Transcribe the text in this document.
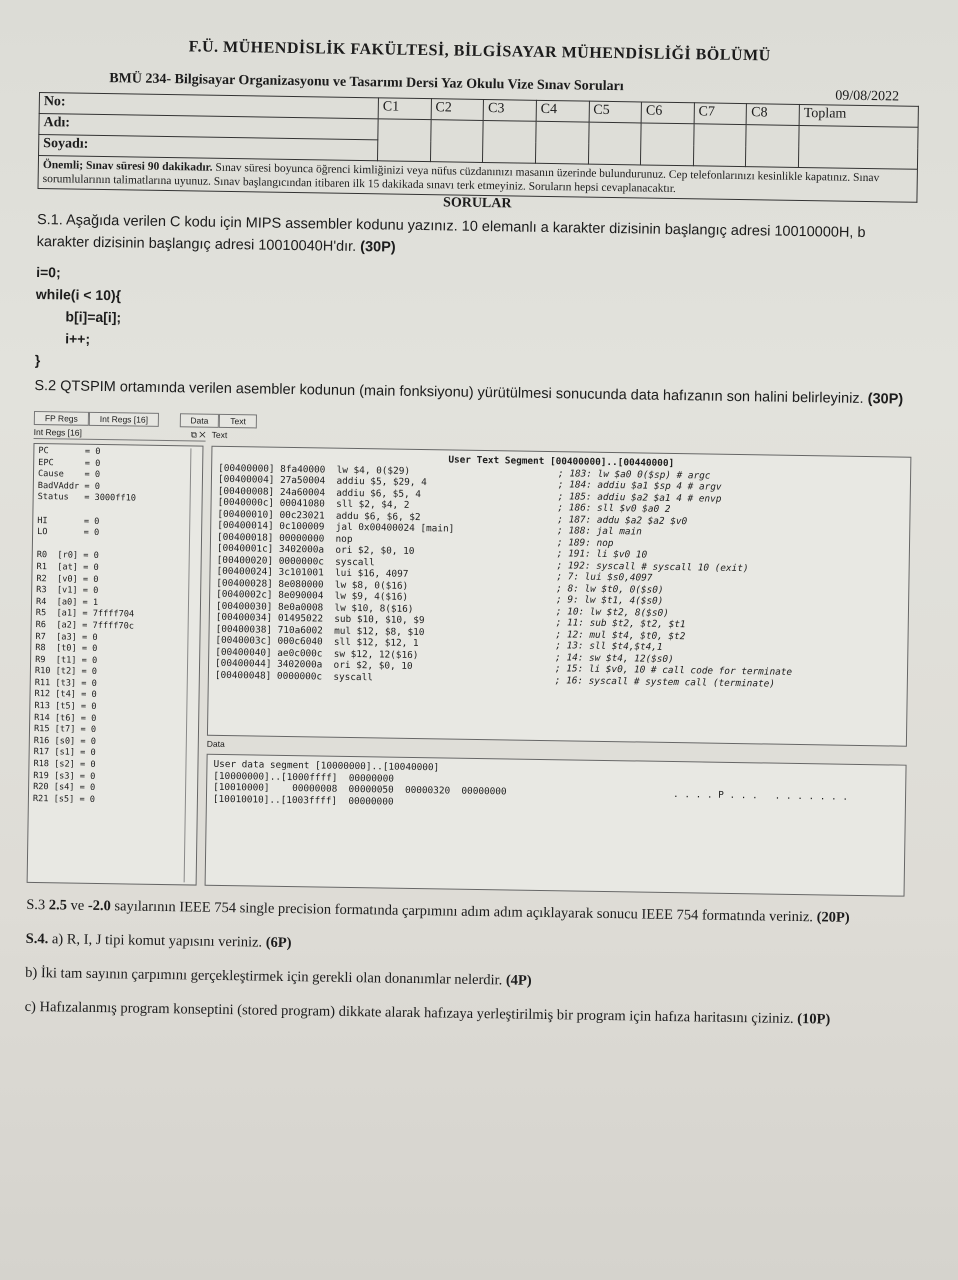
F.Ü. MÜHENDİSLİK FAKÜLTESİ, BİLGİSAYAR MÜHENDİSLİĞİ BÖLÜMÜ
BMÜ 234- Bilgisayar Organizasyonu ve Tasarımı Dersi Yaz Okulu Vize Sınav Soruları
09/08/2022
No:	C1	C2	C3	C4	C5	C6	C7	C8	Toplam
Adı:									
Soyadı:									
Önemli; Sınav süresi 90 dakikadır. Sınav süresi boyunca öğrenci kimliğinizi veya nüfus cüzdanınızı masanın üzerinde bulundurunuz. Cep telefonlarınızı kesinlikle kapatınız. Sınav sorumlularının talimatlarına uyunuz. Sınav başlangıcından itibaren ilk 15 dakikada sınavı terk etmeyiniz. Soruların hepsi cevaplanacaktır.
SORULAR
S.1. Aşağıda verilen C kodu için MIPS assembler kodunu yazınız. 10 elemanlı a karakter dizisinin başlangıç adresi 10010000H, b karakter dizisinin başlangıç adresi 10010040H'dır. (30P)
i=0;
while(i < 10){
b[i]=a[i];
i++;
}
S.2 QTSPIM ortamında verilen asembler kodunun (main fonksiyonu) yürütülmesi sonucunda data hafızanın son halini belirleyiniz. (30P)
FP Regs	Int Regs [16]	Data	Text
Int Regs [16]	⧉ ✕
PC       = 0
EPC      = 0
Cause    = 0
BadVAddr = 0
Status   = 3000ff10
HI       = 0
LO       = 0
R0  [r0] = 0
R1  [at] = 0
R2  [v0] = 0
R3  [v1] = 0
R4  [a0] = 1
R5  [a1] = 7ffff704
R6  [a2] = 7ffff70c
R7  [a3] = 0
R8  [t0] = 0
R9  [t1] = 0
R10 [t2] = 0
R11 [t3] = 0
R12 [t4] = 0
R13 [t5] = 0
R14 [t6] = 0
R15 [t7] = 0
R16 [s0] = 0
R17 [s1] = 0
R18 [s2] = 0
R19 [s3] = 0
R20 [s4] = 0
R21 [s5] = 0
Text
User Text Segment [00400000]..[00440000]
[00400000] 8fa40000  lw $4, 0($29)	; 183: lw $a0 0($sp) # argc
[00400004] 27a50004  addiu $5, $29, 4	; 184: addiu $a1 $sp 4 # argv
[00400008] 24a60004  addiu $6, $5, 4	; 185: addiu $a2 $a1 4 # envp
[0040000c] 00041080  sll $2, $4, 2	; 186: sll $v0 $a0 2
[00400010] 00c23021  addu $6, $6, $2	; 187: addu $a2 $a2 $v0
[00400014] 0c100009  jal 0x00400024 [main]	; 188: jal main
[00400018] 00000000  nop	; 189: nop
[0040001c] 3402000a  ori $2, $0, 10	; 191: li $v0 10
[00400020] 0000000c  syscall	; 192: syscall # syscall 10 (exit)
[00400024] 3c101001  lui $16, 4097	; 7: lui $s0,4097
[00400028] 8e080000  lw $8, 0($16)	; 8: lw $t0, 0($s0)
[0040002c] 8e090004  lw $9, 4($16)	; 9: lw $t1, 4($s0)
[00400030] 8e0a0008  lw $10, 8($16)	; 10: lw $t2, 8($s0)
[00400034] 01495022  sub $10, $10, $9	; 11: sub $t2, $t2, $t1
[00400038] 710a6002  mul $12, $8, $10	; 12: mul $t4, $t0, $t2
[0040003c] 000c6040  sll $12, $12, 1	; 13: sll $t4,$t4,1
[00400040] ae0c000c  sw $12, 12($16)	; 14: sw $t4, 12($s0)
[00400044] 3402000a  ori $2, $0, 10	; 15: li $v0, 10 # call code for terminate
[00400048] 0000000c  syscall	; 16: syscall # system call (terminate)
Data
User data segment [10000000]..[10040000]
[10000000]..[1000ffff]  00000000
[10010000]    00000008  00000050  00000320  00000000	. . . . P . . .   . . . . . . .
[10010010]..[1003ffff]  00000000
S.3 2.5 ve -2.0 sayılarının IEEE 754 single precision formatında çarpımını adım adım açıklayarak sonucu IEEE 754 formatında veriniz. (20P)
S.4. a) R, I, J tipi komut yapısını veriniz. (6P)
b) İki tam sayının çarpımını gerçekleştirmek için gerekli olan donanımlar nelerdir. (4P)
c) Hafızalanmış program konseptini (stored program) dikkate alarak hafızaya yerleştirilmiş bir program için hafıza haritasını çiziniz. (10P)
